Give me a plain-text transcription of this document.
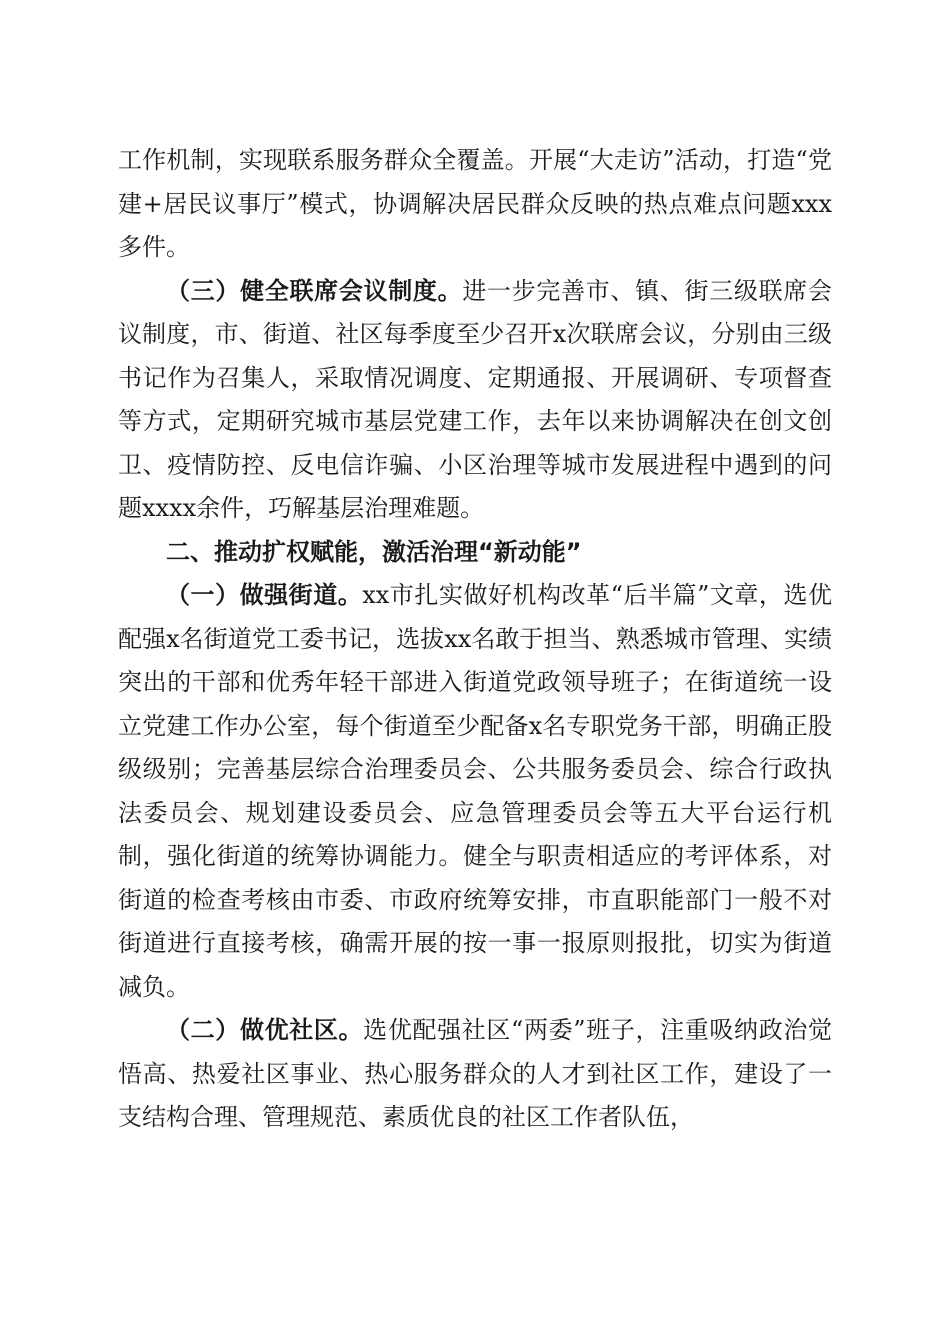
工作机制，实现联系服务群众全覆盖。开展“大走访”活动，打造“党建+居民议事厅”模式，协调解决居民群众反映的热点难点问题xxx多件。

（三）健全联席会议制度。进一步完善市、镇、街三级联席会议制度，市、街道、社区每季度至少召开x次联席会议，分别由三级书记作为召集人，采取情况调度、定期通报、开展调研、专项督查等方式，定期研究城市基层党建工作，去年以来协调解决在创文创卫、疫情防控、反电信诈骗、小区治理等城市发展进程中遇到的问题xxxx余件，巧解基层治理难题。

二、推动扩权赋能，激活治理“新动能”

（一）做强街道。xx市扎实做好机构改革“后半篇”文章，选优配强x名街道党工委书记，选拔xx名敢于担当、熟悉城市管理、实绩突出的干部和优秀年轻干部进入街道党政领导班子；在街道统一设立党建工作办公室，每个街道至少配备x名专职党务干部，明确正股级级别；完善基层综合治理委员会、公共服务委员会、综合行政执法委员会、规划建设委员会、应急管理委员会等五大平台运行机制，强化街道的统筹协调能力。健全与职责相适应的考评体系，对街道的检查考核由市委、市政府统筹安排，市直职能部门一般不对街道进行直接考核，确需开展的按一事一报原则报批，切实为街道减负。

（二）做优社区。选优配强社区“两委”班子，注重吸纳政治觉悟高、热爱社区事业、热心服务群众的人才到社区工作，建设了一支结构合理、管理规范、素质优良的社区工作者队伍，
